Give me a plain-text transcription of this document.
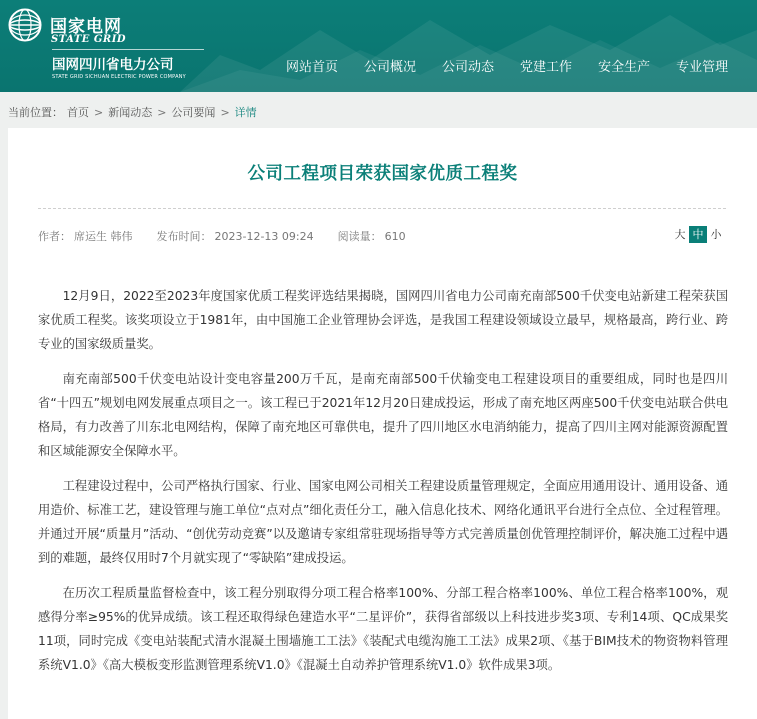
国家电网
STATE GRID
国网四川省电力公司
STATE GRID SICHUAN ELECTRIC POWER COMPANY
网站首页 公司概况 公司动态 党建工作 安全生产 专业管理
当前位置： 首页 > 新闻动态 > 公司要闻 > 详情
公司工程项目荣获国家优质工程奖
作者： 席运生 韩伟 发布时间： 2023-12-13 09:24 阅读量： 610	大 中 小

12月9日，2022至2023年度国家优质工程奖评选结果揭晓，国网四川省电力公司南充南部500千伏变电站新建工程荣获国家优质工程奖。该奖项设立于1981年，由中国施工企业管理协会评选，是我国工程建设领域设立最早，规格最高，跨行业、跨专业的国家级质量奖。

南充南部500千伏变电站设计变电容量200万千瓦，是南充南部500千伏输变电工程建设项目的重要组成，同时也是四川省“十四五”规划电网发展重点项目之一。该工程已于2021年12月20日建成投运，形成了南充地区两座500千伏变电站联合供电格局，有力改善了川东北电网结构，保障了南充地区可靠供电，提升了四川地区水电消纳能力，提高了四川主网对能源资源配置和区域能源安全保障水平。

工程建设过程中，公司严格执行国家、行业、国家电网公司相关工程建设质量管理规定，全面应用通用设计、通用设备、通用造价、标准工艺，建设管理与施工单位“点对点”细化责任分工，融入信息化技术、网络化通讯平台进行全点位、全过程管理。并通过开展“质量月”活动、“创优劳动竞赛”以及邀请专家组常驻现场指导等方式完善质量创优管理控制评价，解决施工过程中遇到的难题，最终仅用时7个月就实现了“零缺陷”建成投运。

在历次工程质量监督检查中，该工程分别取得分项工程合格率100%、分部工程合格率100%、单位工程合格率100%，观感得分率≥95%的优异成绩。该工程还取得绿色建造水平“二星评价”，获得省部级以上科技进步奖3项、专利14项、QC成果奖11项，同时完成《变电站装配式清水混凝土围墙施工工法》《装配式电缆沟施工工法》成果2项、《基于BIM技术的物资物料管理系统V1.0》《高大模板变形监测管理系统V1.0》《混凝土自动养护管理系统V1.0》软件成果3项。
